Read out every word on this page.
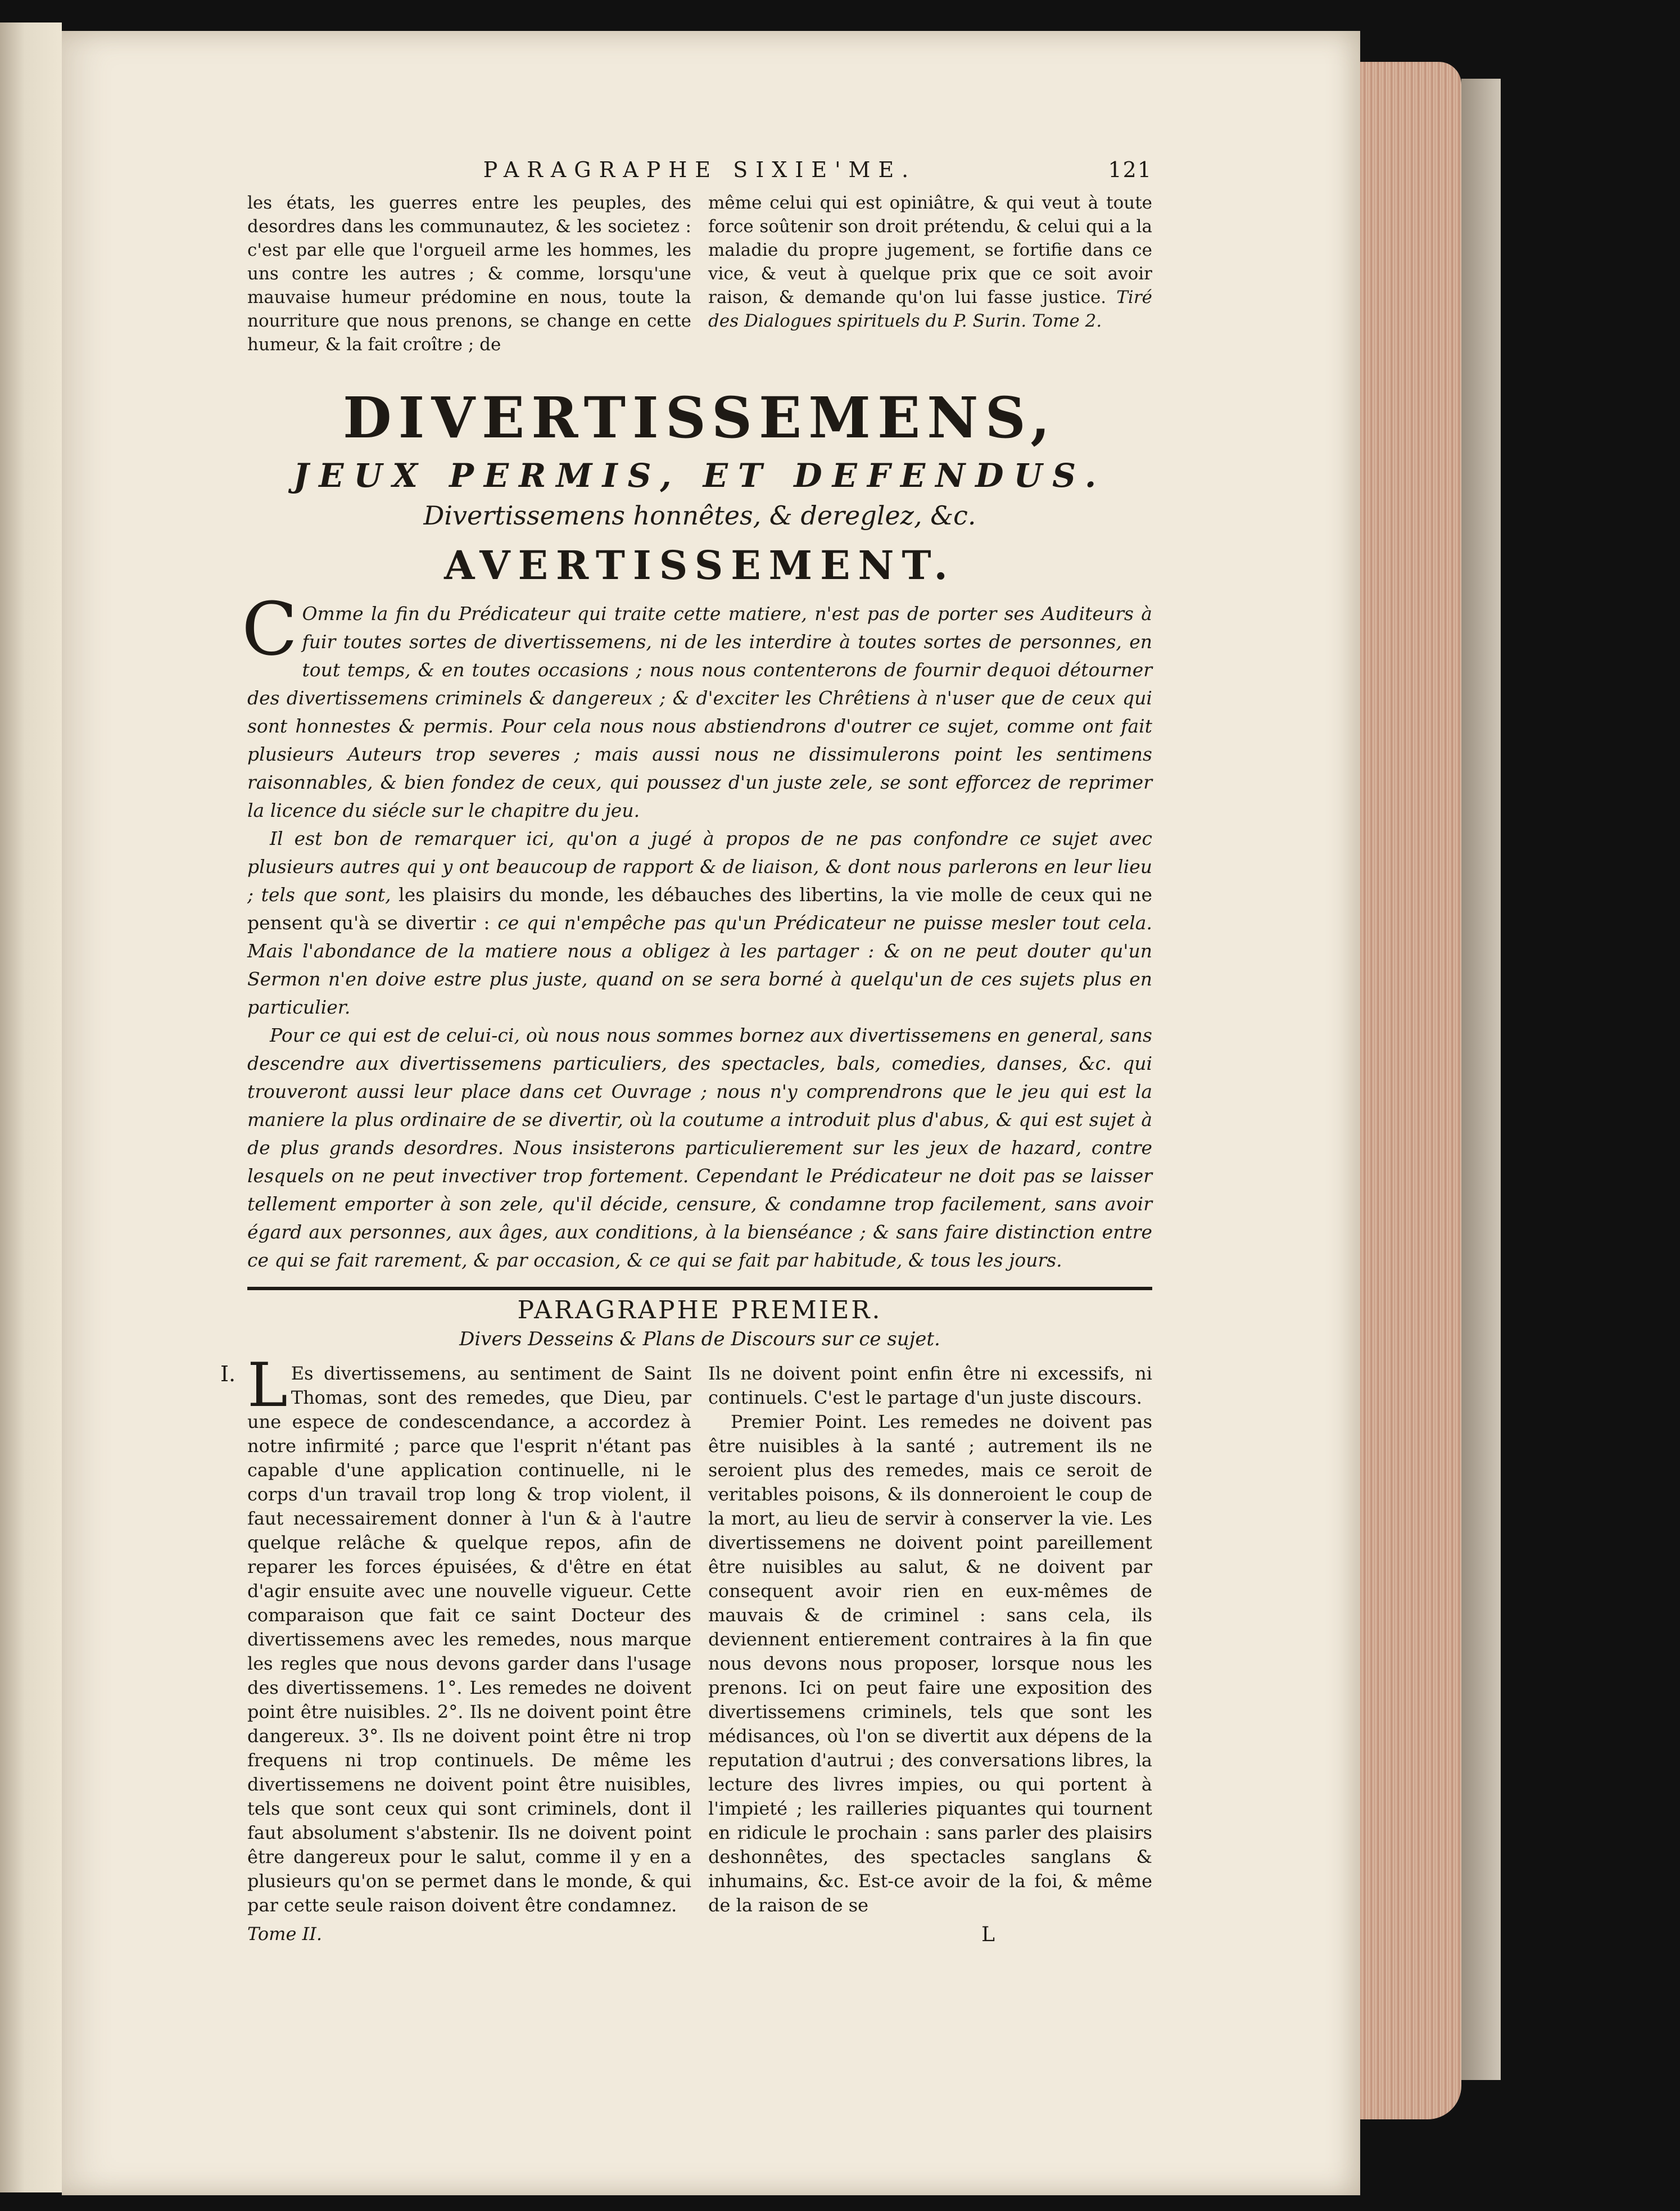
PARAGRAPHE SIXIE'ME.	121

les états, les guerres entre les peuples, des desordres dans les communautez, & les societez : c'est par elle que l'orgueil arme les hommes, les uns contre les autres ; & comme, lorsqu'une mauvaise humeur prédomine en nous, toute la nourriture que nous prenons, se change en cette humeur, & la fait croître ; de

même celui qui est opiniâtre, & qui veut à toute force soûtenir son droit prétendu, & celui qui a la maladie du propre jugement, se fortifie dans ce vice, & veut à quelque prix que ce soit avoir raison, & demande qu'on lui fasse justice. Tiré des Dialogues spirituels du P. Surin. Tome 2.

DIVERTISSEMENS,
JEUX PERMIS, ET DEFENDUS.
Divertissemens honnêtes, & dereglez, &c.
AVERTISSEMENT.

C Omme la fin du Prédicateur qui traite cette matiere, n'est pas de porter ses Auditeurs à fuir toutes sortes de divertissemens, ni de les interdire à toutes sortes de personnes, en tout temps, & en toutes occasions ; nous nous contenterons de fournir dequoi détourner des divertissemens criminels & dangereux ; & d'exciter les Chrêtiens à n'user que de ceux qui sont honnestes & permis. Pour cela nous nous abstiendrons d'outrer ce sujet, comme ont fait plusieurs Auteurs trop severes ; mais aussi nous ne dissimulerons point les sentimens raisonnables, & bien fondez de ceux, qui poussez d'un juste zele, se sont efforcez de reprimer la licence du siécle sur le chapitre du jeu.

Il est bon de remarquer ici, qu'on a jugé à propos de ne pas confondre ce sujet avec plusieurs autres qui y ont beaucoup de rapport & de liaison, & dont nous parlerons en leur lieu ; tels que sont, les plaisirs du monde, les débauches des libertins, la vie molle de ceux qui ne pensent qu'à se divertir : ce qui n'empêche pas qu'un Prédicateur ne puisse mesler tout cela. Mais l'abondance de la matiere nous a obligez à les partager : & on ne peut douter qu'un Sermon n'en doive estre plus juste, quand on se sera borné à quelqu'un de ces sujets plus en particulier.

Pour ce qui est de celui-ci, où nous nous sommes bornez aux divertissemens en general, sans descendre aux divertissemens particuliers, des spectacles, bals, comedies, danses, &c. qui trouveront aussi leur place dans cet Ouvrage ; nous n'y comprendrons que le jeu qui est la maniere la plus ordinaire de se divertir, où la coutume a introduit plus d'abus, & qui est sujet à de plus grands desordres. Nous insisterons particulierement sur les jeux de hazard, contre lesquels on ne peut invectiver trop fortement. Cependant le Prédicateur ne doit pas se laisser tellement emporter à son zele, qu'il décide, censure, & condamne trop facilement, sans avoir égard aux personnes, aux âges, aux conditions, à la bienséance ; & sans faire distinction entre ce qui se fait rarement, & par occasion, & ce qui se fait par habitude, & tous les jours.

PARAGRAPHE PREMIER.
Divers Desseins & Plans de Discours sur ce sujet.
I. L Es divertissemens, au sentiment de Saint Thomas, sont des remedes, que Dieu, par une espece de condescendance, a accordez à notre infirmité ; parce que l'esprit n'étant pas capable d'une application continuelle, ni le corps d'un travail trop long & trop violent, il faut necessairement donner à l'un & à l'autre quelque relâche & quelque repos, afin de reparer les forces épuisées, & d'être en état d'agir ensuite avec une nouvelle vigueur. Cette comparaison que fait ce saint Docteur des divertissemens avec les remedes, nous marque les regles que nous devons garder dans l'usage des divertissemens. 1°. Les remedes ne doivent point être nuisibles. 2°. Ils ne doivent point être dangereux. 3°. Ils ne doivent point être ni trop frequens ni trop continuels. De même les divertissemens ne doivent point être nuisibles, tels que sont ceux qui sont criminels, dont il faut absolument s'abstenir. Ils ne doivent point être dangereux pour le salut, comme il y en a plusieurs qu'on se permet dans le monde, & qui par cette seule raison doivent être condamnez.

Ils ne doivent point enfin être ni excessifs, ni continuels. C'est le partage d'un juste discours.

Premier Point. Les remedes ne doivent pas être nuisibles à la santé ; autrement ils ne seroient plus des remedes, mais ce seroit de veritables poisons, & ils donneroient le coup de la mort, au lieu de servir à conserver la vie. Les divertissemens ne doivent point pareillement être nuisibles au salut, & ne doivent par consequent avoir rien en eux-mêmes de mauvais & de criminel : sans cela, ils deviennent entierement contraires à la fin que nous devons nous proposer, lorsque nous les prenons. Ici on peut faire une exposition des divertissemens criminels, tels que sont les médisances, où l'on se divertit aux dépens de la reputation d'autrui ; des conversations libres, la lecture des livres impies, ou qui portent à l'impieté ; les railleries piquantes qui tournent en ridicule le prochain : sans parler des plaisirs deshonnêtes, des spectacles sanglans & inhumains, &c. Est-ce avoir de la foi, & même de la raison de se

Tome II.	L
